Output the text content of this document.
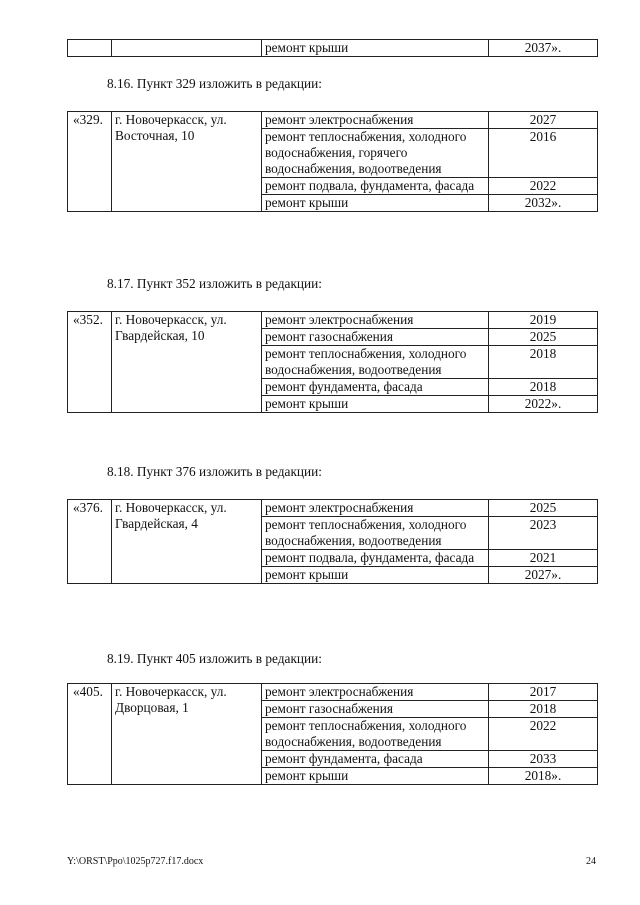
		ремонт крыши	2037».
8.16. Пункт 329 изложить в редакции:
«329.	г. Новочеркасск, ул. Восточная, 10	ремонт электроснабжения	2027
		ремонт теплоснабжения, холодного водоснабжения, горячего водоснабжения, водоотведения	2016
		ремонт подвала, фундамента, фасада	2022
		ремонт крыши	2032».
8.17. Пункт 352 изложить в редакции:
«352.	г. Новочеркасск, ул. Гвардейская, 10	ремонт электроснабжения	2019
		ремонт газоснабжения	2025
		ремонт теплоснабжения, холодного водоснабжения, водоотведения	2018
		ремонт фундамента, фасада	2018
		ремонт крыши	2022».
8.18. Пункт 376 изложить в редакции:
«376.	г. Новочеркасск, ул. Гвардейская, 4	ремонт электроснабжения	2025
		ремонт теплоснабжения, холодного водоснабжения, водоотведения	2023
		ремонт подвала, фундамента, фасада	2021
		ремонт крыши	2027».
8.19. Пункт 405 изложить в редакции:
«405.	г. Новочеркасск, ул. Дворцовая, 1	ремонт электроснабжения	2017
		ремонт газоснабжения	2018
		ремонт теплоснабжения, холодного водоснабжения, водоотведения	2022
		ремонт фундамента, фасада	2033
		ремонт крыши	2018».
Y:\ORST\Ppo\1025p727.f17.docx	24
